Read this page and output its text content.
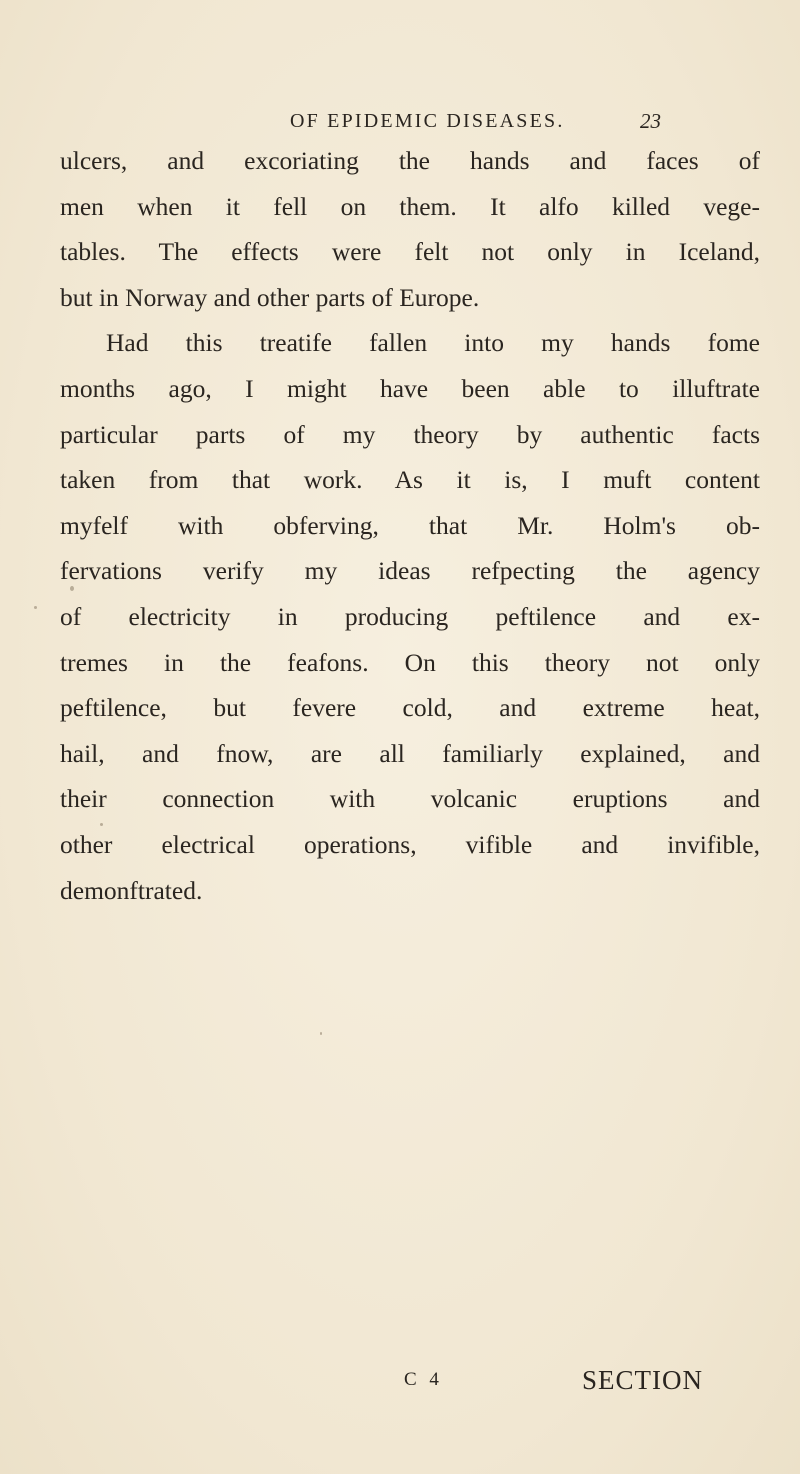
OF EPIDEMIC DISEASES.	23
ulcers, and excoriating the hands and faces of
men when it fell on them. It alfo killed vege-
tables. The effects were felt not only in Iceland,
but in Norway and other parts of Europe.
Had this treatife fallen into my hands fome
months ago, I might have been able to illuftrate
particular parts of my theory by authentic facts
taken from that work. As it is, I muft content
myfelf with obferving, that Mr. Holm's ob-
fervations verify my ideas refpecting the agency
of electricity in producing peftilence and ex-
tremes in the feafons. On this theory not only
peftilence, but fevere cold, and extreme heat,
hail, and fnow, are all familiarly explained, and
their connection with volcanic eruptions and
other electrical operations, vifible and invifible,
demonftrated.
C 4	SECTION
